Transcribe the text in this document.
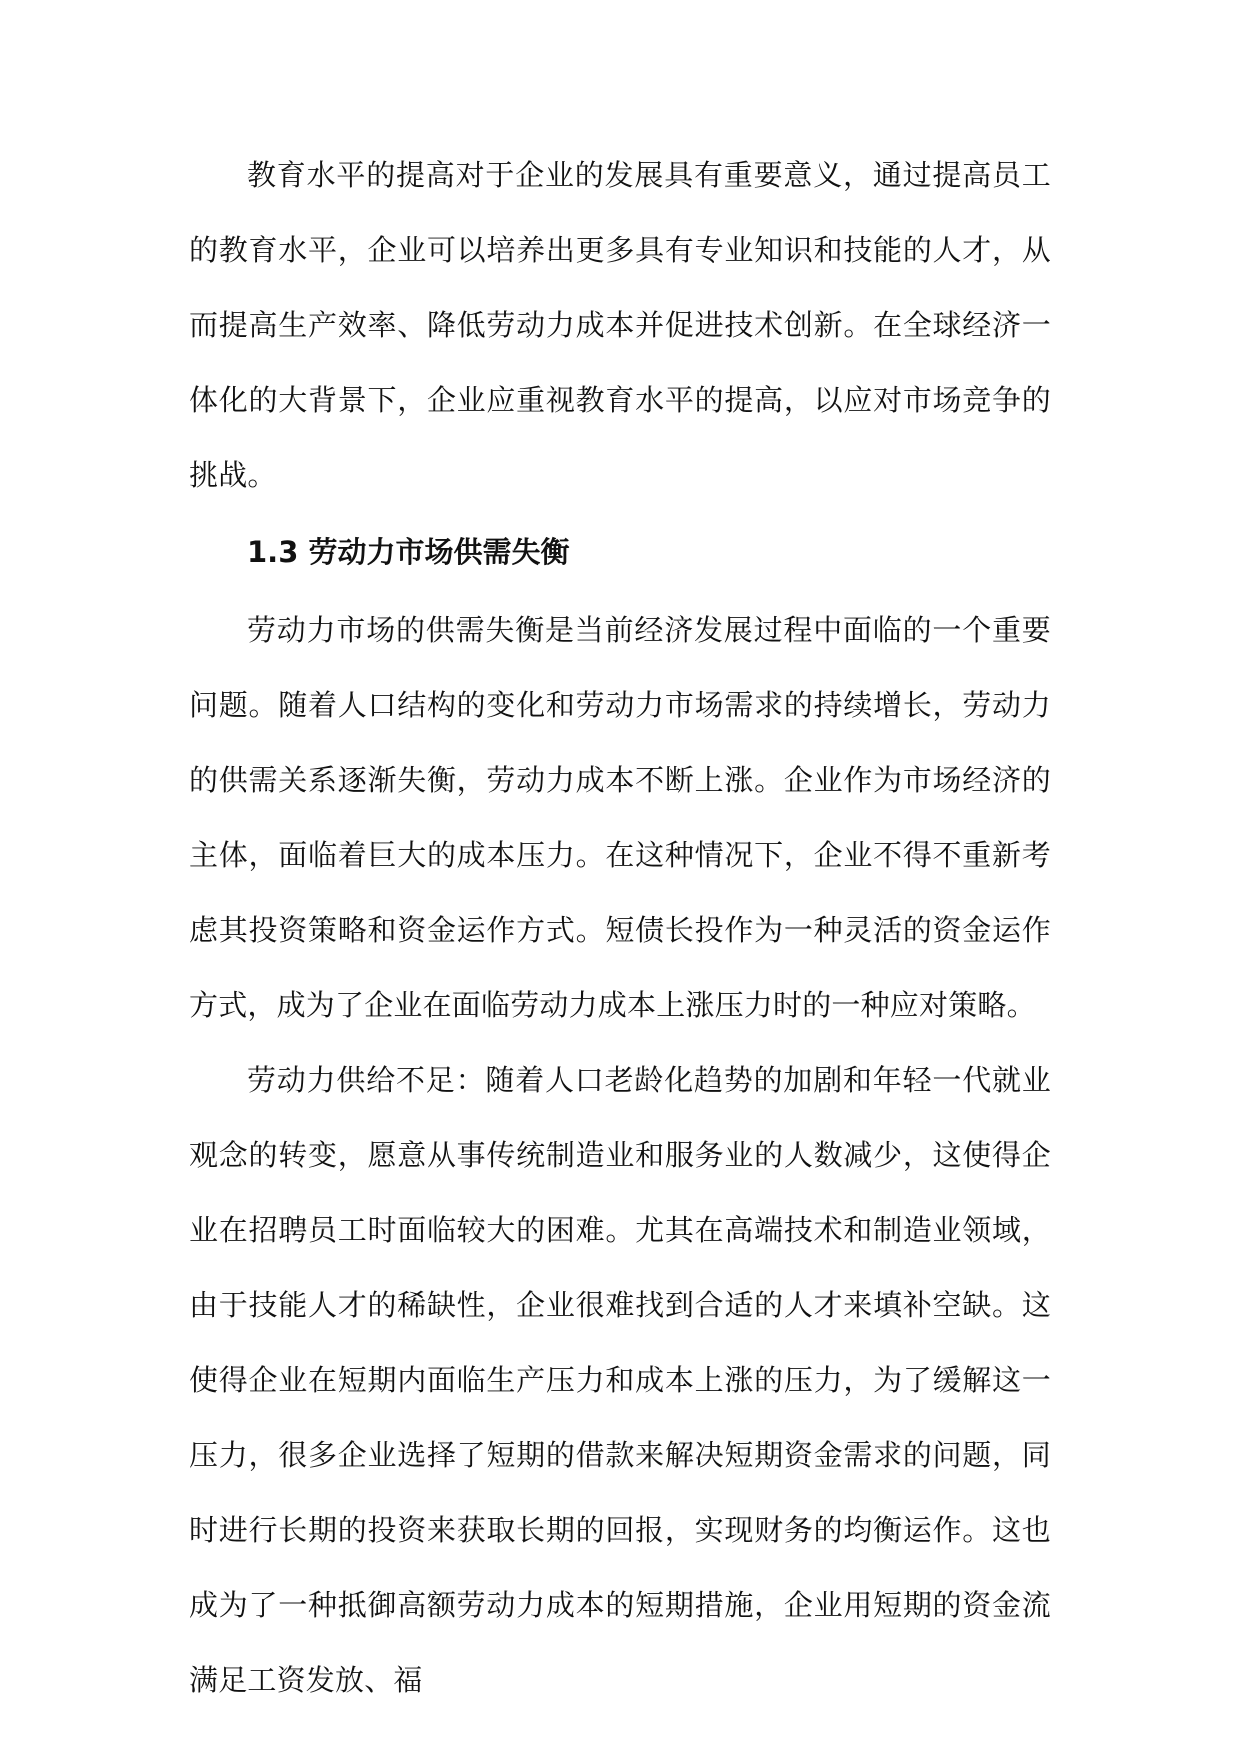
教育水平的提高对于企业的发展具有重要意义，通过提高员工的教育水平，企业可以培养出更多具有专业知识和技能的人才，从而提高生产效率、降低劳动力成本并促进技术创新。在全球经济一体化的大背景下，企业应重视教育水平的提高，以应对市场竞争的挑战。

1.3 劳动力市场供需失衡

劳动力市场的供需失衡是当前经济发展过程中面临的一个重要问题。随着人口结构的变化和劳动力市场需求的持续增长，劳动力的供需关系逐渐失衡，劳动力成本不断上涨。企业作为市场经济的主体，面临着巨大的成本压力。在这种情况下，企业不得不重新考虑其投资策略和资金运作方式。短债长投作为一种灵活的资金运作方式，成为了企业在面临劳动力成本上涨压力时的一种应对策略。

劳动力供给不足：随着人口老龄化趋势的加剧和年轻一代就业观念的转变，愿意从事传统制造业和服务业的人数减少，这使得企业在招聘员工时面临较大的困难。尤其在高端技术和制造业领域，由于技能人才的稀缺性，企业很难找到合适的人才来填补空缺。这使得企业在短期内面临生产压力和成本上涨的压力，为了缓解这一压力，很多企业选择了短期的借款来解决短期资金需求的问题，同时进行长期的投资来获取长期的回报，实现财务的均衡运作。这也成为了一种抵御高额劳动力成本的短期措施，企业用短期的资金流满足工资发放、福
